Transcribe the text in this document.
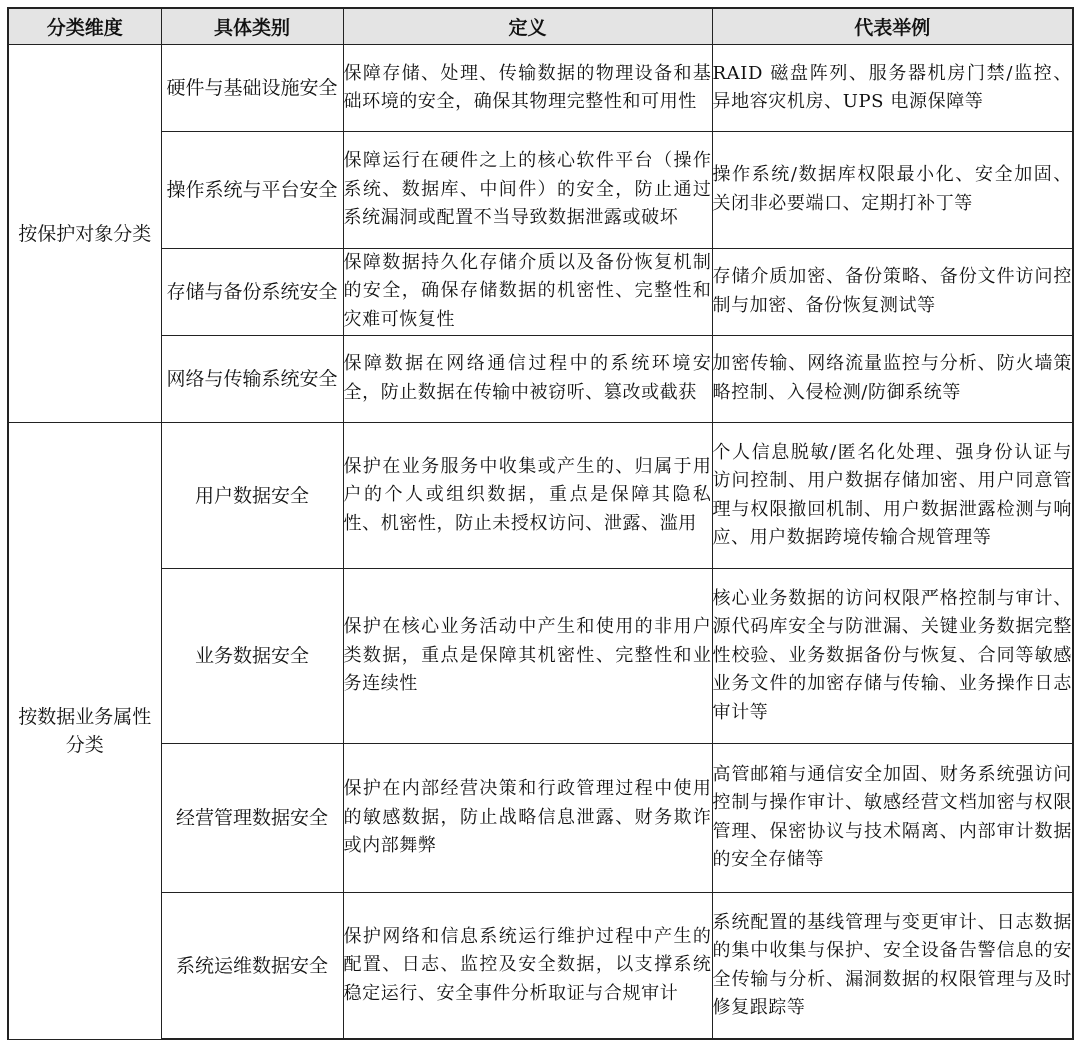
分类维度	具体类别	定义	代表举例
按保护对象分类	硬件与基础设施安全	保障存储、处理、传输数据的物理设备和基础环境的安全，确保其物理完整性和可用性	RAID 磁盘阵列、服务器机房门禁/监控、异地容灾机房、UPS 电源保障等
	操作系统与平台安全	保障运行在硬件之上的核心软件平台（操作系统、数据库、中间件）的安全，防止通过系统漏洞或配置不当导致数据泄露或破坏	操作系统/数据库权限最小化、安全加固、关闭非必要端口、定期打补丁等
	存储与备份系统安全	保障数据持久化存储介质以及备份恢复机制的安全，确保存储数据的机密性、完整性和灾难可恢复性	存储介质加密、备份策略、备份文件访问控制与加密、备份恢复测试等
	网络与传输系统安全	保障数据在网络通信过程中的系统环境安全，防止数据在传输中被窃听、篡改或截获	加密传输、网络流量监控与分析、防火墙策略控制、入侵检测/防御系统等
按数据业务属性分类	用户数据安全	保护在业务服务中收集或产生的、归属于用户的个人或组织数据，重点是保障其隐私性、机密性，防止未授权访问、泄露、滥用	个人信息脱敏/匿名化处理、强身份认证与访问控制、用户数据存储加密、用户同意管理与权限撤回机制、用户数据泄露检测与响应、用户数据跨境传输合规管理等
	业务数据安全	保护在核心业务活动中产生和使用的非用户类数据，重点是保障其机密性、完整性和业务连续性	核心业务数据的访问权限严格控制与审计、源代码库安全与防泄漏、关键业务数据完整性校验、业务数据备份与恢复、合同等敏感业务文件的加密存储与传输、业务操作日志审计等
	经营管理数据安全	保护在内部经营决策和行政管理过程中使用的敏感数据，防止战略信息泄露、财务欺诈或内部舞弊	高管邮箱与通信安全加固、财务系统强访问控制与操作审计、敏感经营文档加密与权限管理、保密协议与技术隔离、内部审计数据的安全存储等
	系统运维数据安全	保护网络和信息系统运行维护过程中产生的配置、日志、监控及安全数据，以支撑系统稳定运行、安全事件分析取证与合规审计	系统配置的基线管理与变更审计、日志数据的集中收集与保护、安全设备告警信息的安全传输与分析、漏洞数据的权限管理与及时修复跟踪等
